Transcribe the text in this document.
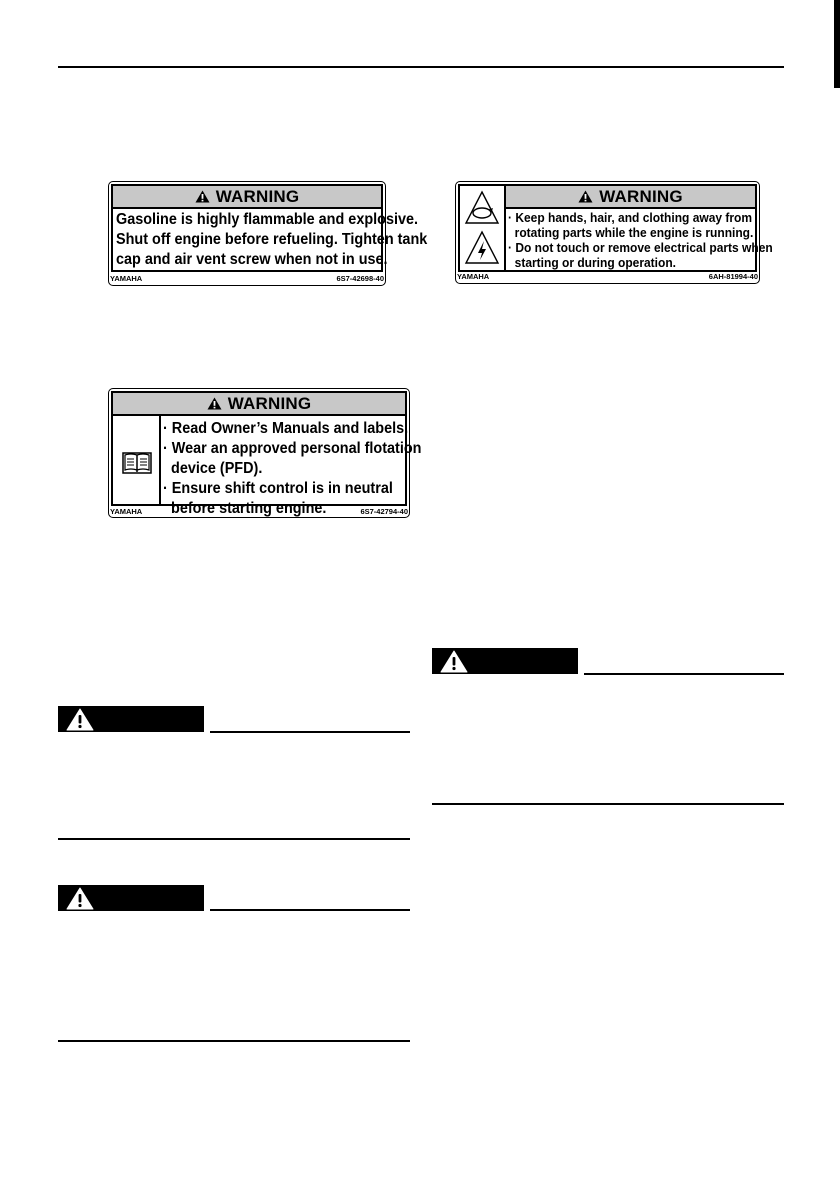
WARNING
Gasoline is highly flammable and explosive.
Shut off engine before refueling. Tighten tank
cap and air vent screw when not in use.
YAMAHA	6S7-42698-40
WARNING
· Read Owner’s Manuals and labels.
· Wear an approved personal flotation
device (PFD).
· Ensure shift control is in neutral
before starting engine.
YAMAHA	6S7-42794-40
WARNING
· Keep hands, hair, and clothing away from
rotating parts while the engine is running.
· Do not touch or remove electrical parts when
starting or during operation.
YAMAHA	6AH-81994-40
